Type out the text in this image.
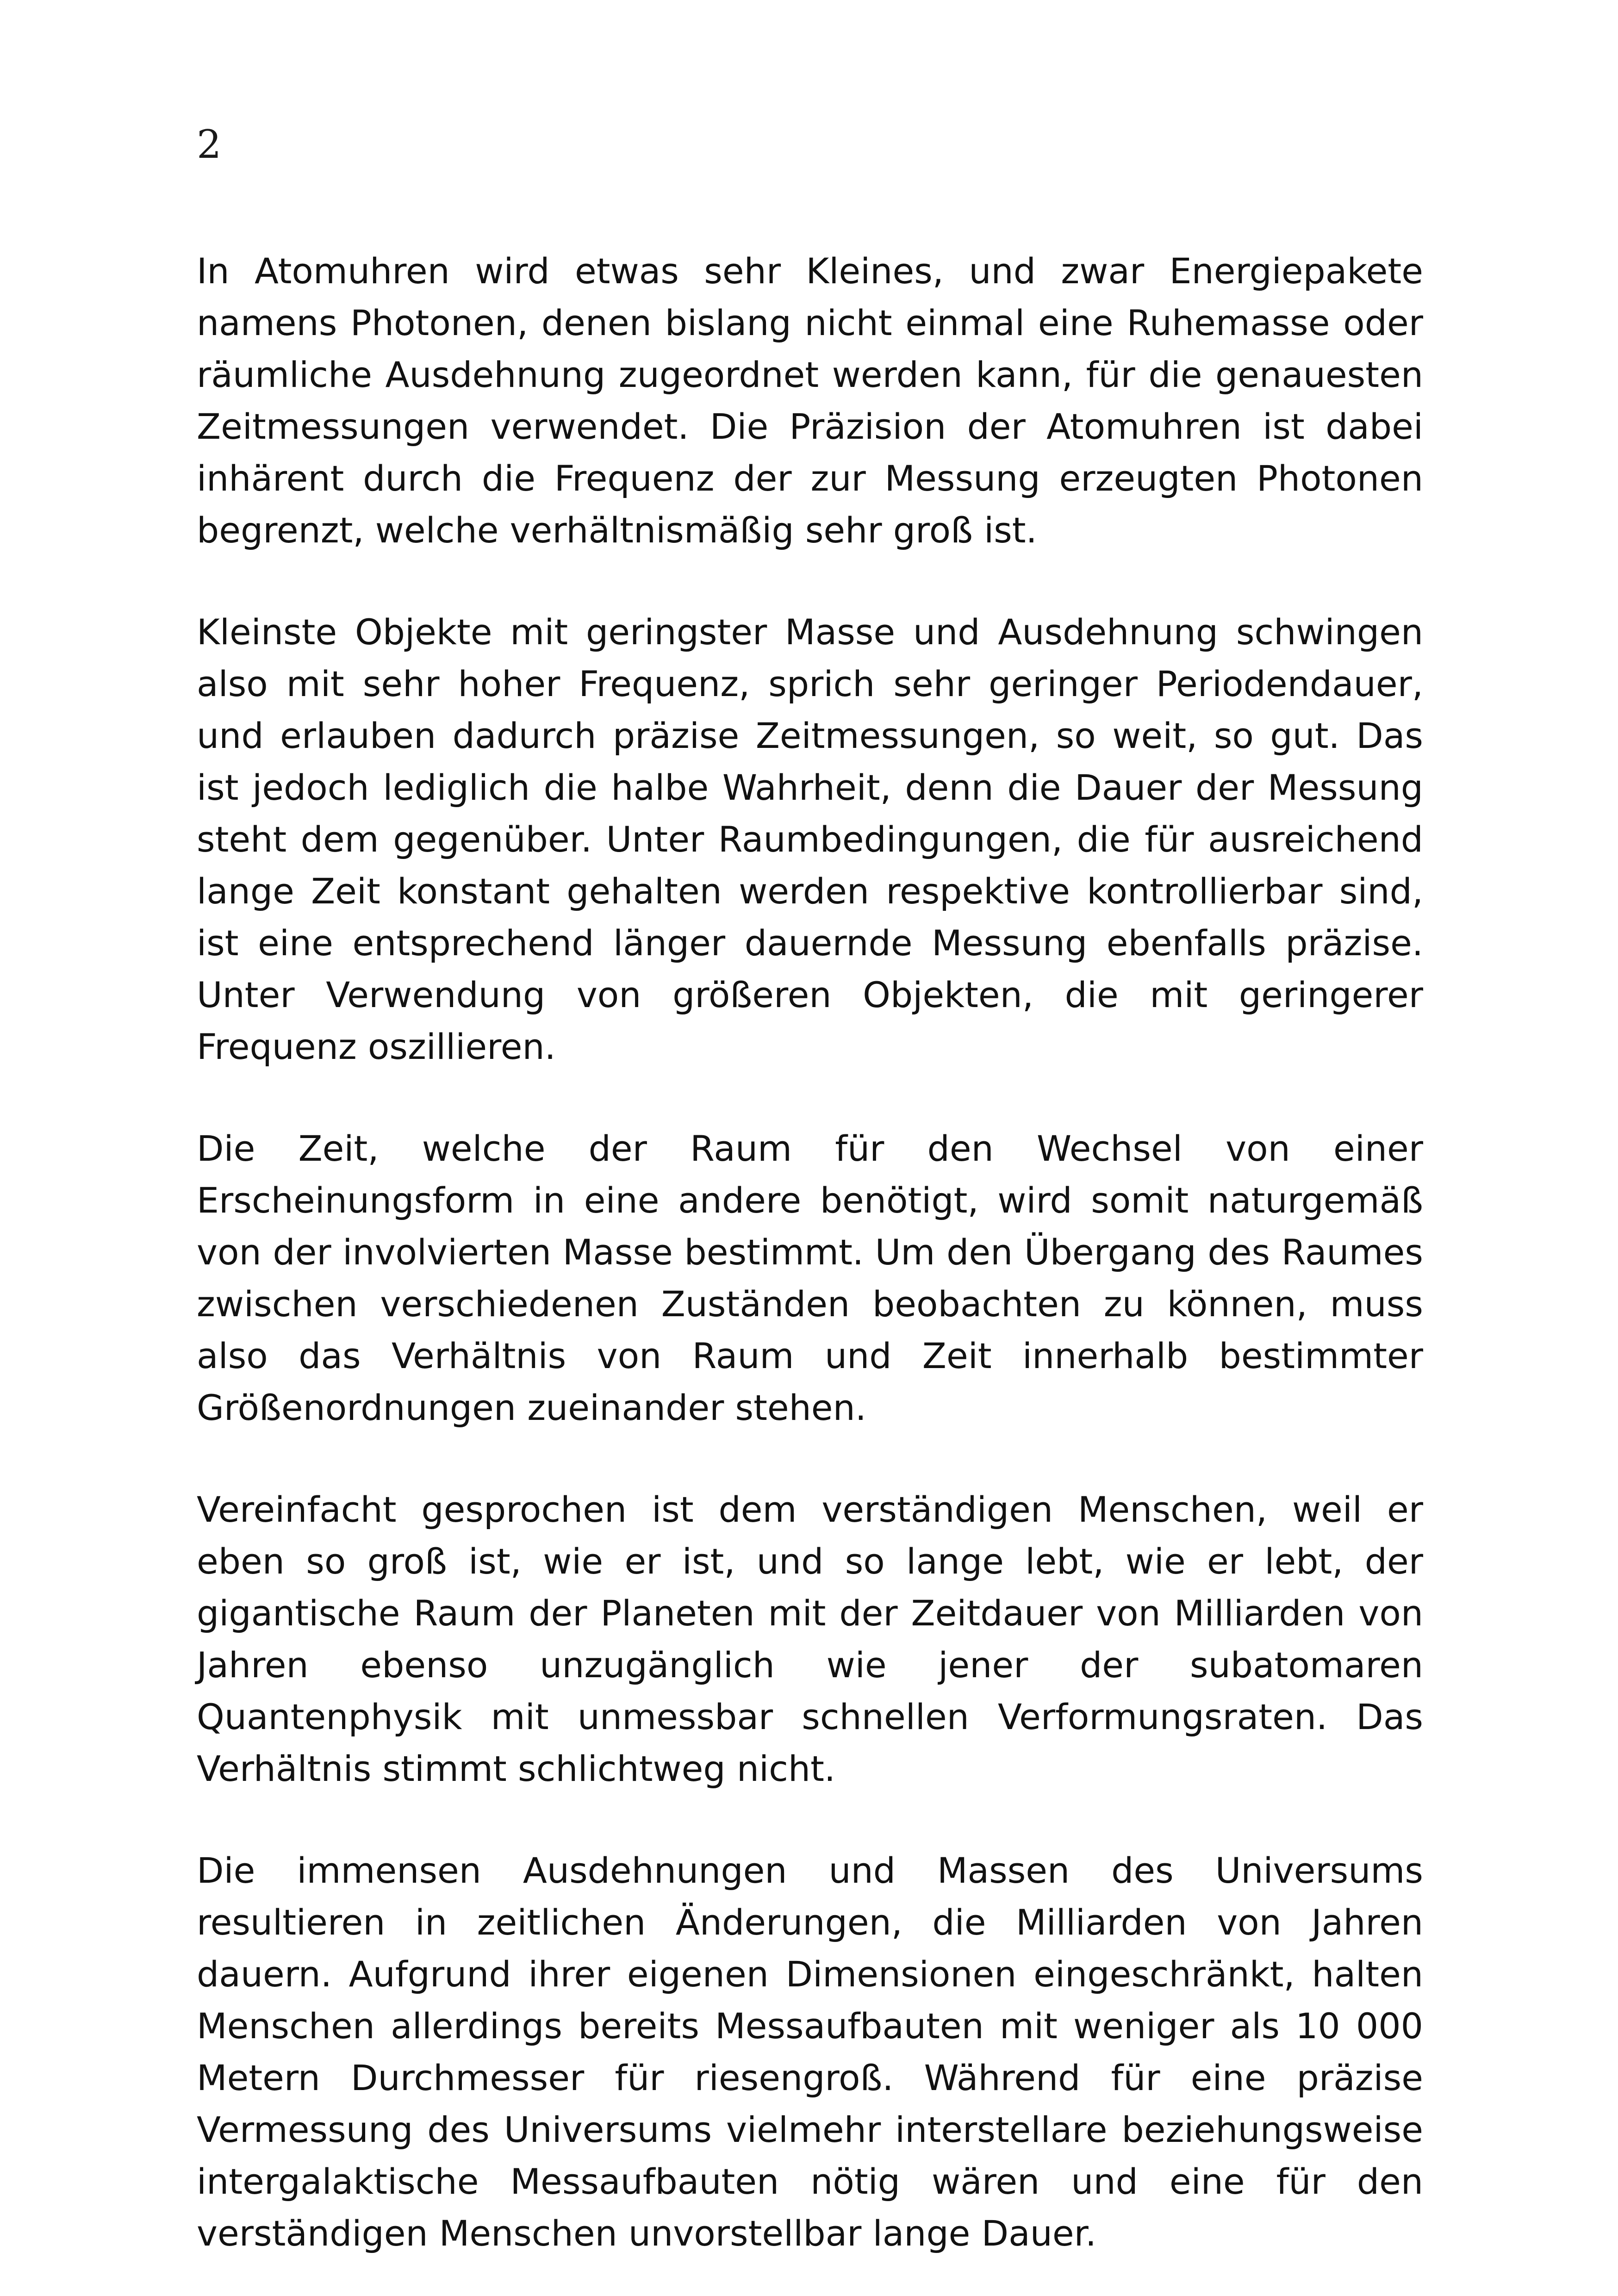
2

In Atomuhren wird etwas sehr Kleines, und zwar Energiepakete namens Photonen, denen bislang nicht einmal eine Ruhemasse oder räumliche Ausdehnung zugeordnet werden kann, für die genauesten Zeitmessungen verwendet. Die Präzision der Atomuhren ist dabei inhärent durch die Frequenz der zur Messung erzeugten Photonen begrenzt, welche verhältnismäßig sehr groß ist.

Kleinste Objekte mit geringster Masse und Ausdehnung schwingen also mit sehr hoher Frequenz, sprich sehr geringer Periodendauer, und erlauben dadurch präzise Zeitmessungen, so weit, so gut. Das ist jedoch lediglich die halbe Wahrheit, denn die Dauer der Messung steht dem gegenüber. Unter Raumbedingungen, die für ausreichend lange Zeit konstant gehalten werden respektive kontrollierbar sind, ist eine entsprechend länger dauernde Messung ebenfalls präzise. Unter Verwendung von größeren Objekten, die mit geringerer Frequenz oszillieren.

Die Zeit, welche der Raum für den Wechsel von einer Erscheinungsform in eine andere benötigt, wird somit naturgemäß von der involvierten Masse bestimmt. Um den Übergang des Raumes zwischen verschiedenen Zuständen beobachten zu können, muss also das Verhältnis von Raum und Zeit innerhalb bestimmter Größenordnungen zueinander stehen.

Vereinfacht gesprochen ist dem verständigen Menschen, weil er eben so groß ist, wie er ist, und so lange lebt, wie er lebt, der gigantische Raum der Planeten mit der Zeitdauer von Milliarden von Jahren ebenso unzugänglich wie jener der subatomaren Quantenphysik mit unmessbar schnellen Verformungsraten. Das Verhältnis stimmt schlichtweg nicht.

Die immensen Ausdehnungen und Massen des Universums resultieren in zeitlichen Änderungen, die Milliarden von Jahren dauern. Aufgrund ihrer eigenen Dimensionen eingeschränkt, halten Menschen allerdings bereits Messaufbauten mit weniger als 10 000 Metern Durchmesser für riesengroß. Während für eine präzise Vermessung des Universums vielmehr interstellare beziehungsweise intergalaktische Messaufbauten nötig wären und eine für den verständigen Menschen unvorstellbar lange Dauer.
